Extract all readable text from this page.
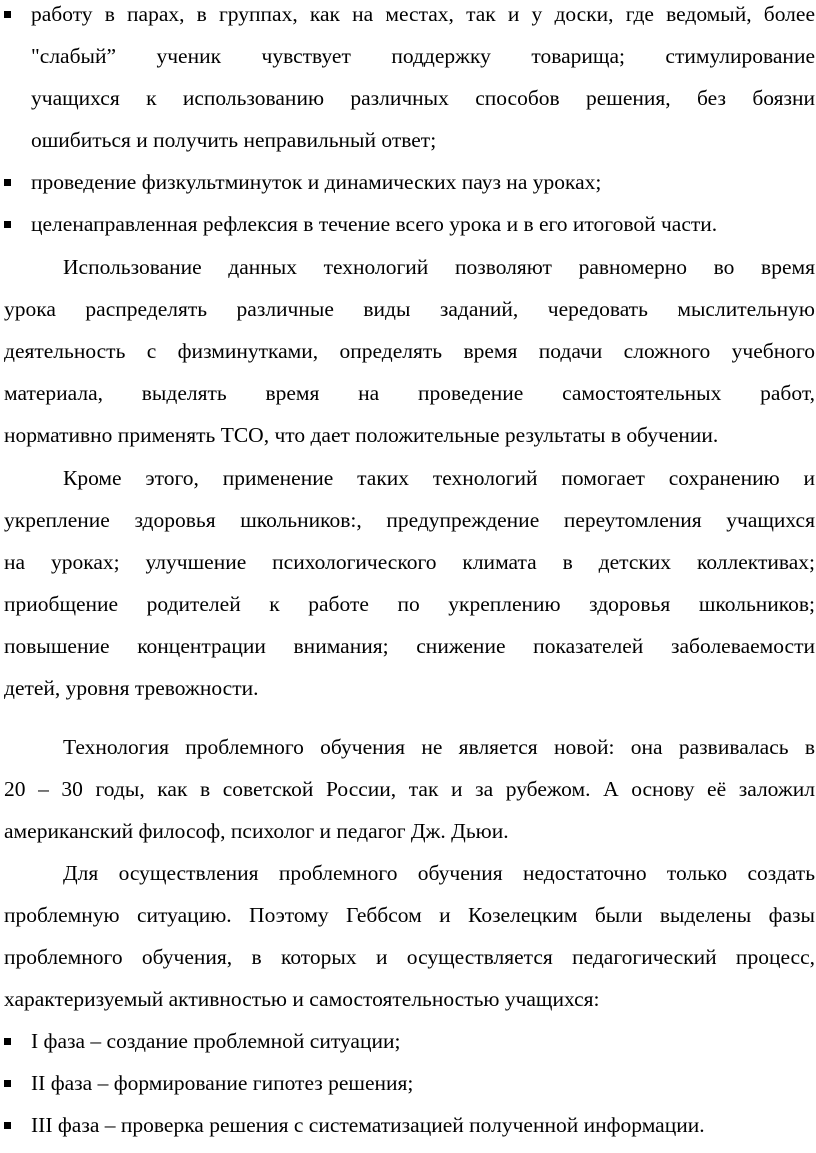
работу в парах, в группах, как на местах, так и у доски, где ведомый, более
"слабый” ученик чувствует поддержку товарища; стимулирование
учащихся к использованию различных способов решения, без боязни
ошибиться и получить неправильный ответ;
проведение физкультминуток и динамических пауз на уроках;
целенаправленная рефлексия в течение всего урока и в его итоговой части.
Использование данных технологий позволяют равномерно во время
урока распределять различные виды заданий, чередовать мыслительную
деятельность с физминутками, определять время подачи сложного учебного
материала, выделять время на проведение самостоятельных работ,
нормативно применять ТСО, что дает положительные результаты в обучении.
Кроме этого, применение таких технологий помогает сохранению и
укрепление здоровья школьников:, предупреждение переутомления учащихся
на уроках; улучшение психологического климата в детских коллективах;
приобщение родителей к работе по укреплению здоровья школьников;
повышение концентрации внимания; снижение показателей заболеваемости
детей, уровня тревожности.
Технология проблемного обучения не является новой: она развивалась в
20 – 30 годы, как в советской России, так и за рубежом. А основу её заложил
американский философ, психолог и педагог Дж. Дьюи.
Для осуществления проблемного обучения недостаточно только создать
проблемную ситуацию. Поэтому Геббсом и Козелецким были выделены фазы
проблемного обучения, в которых и осуществляется педагогический процесс,
характеризуемый активностью и самостоятельностью учащихся:
I фаза – создание проблемной ситуации;
II фаза – формирование гипотез решения;
III фаза – проверка решения с систематизацией полученной информации.
